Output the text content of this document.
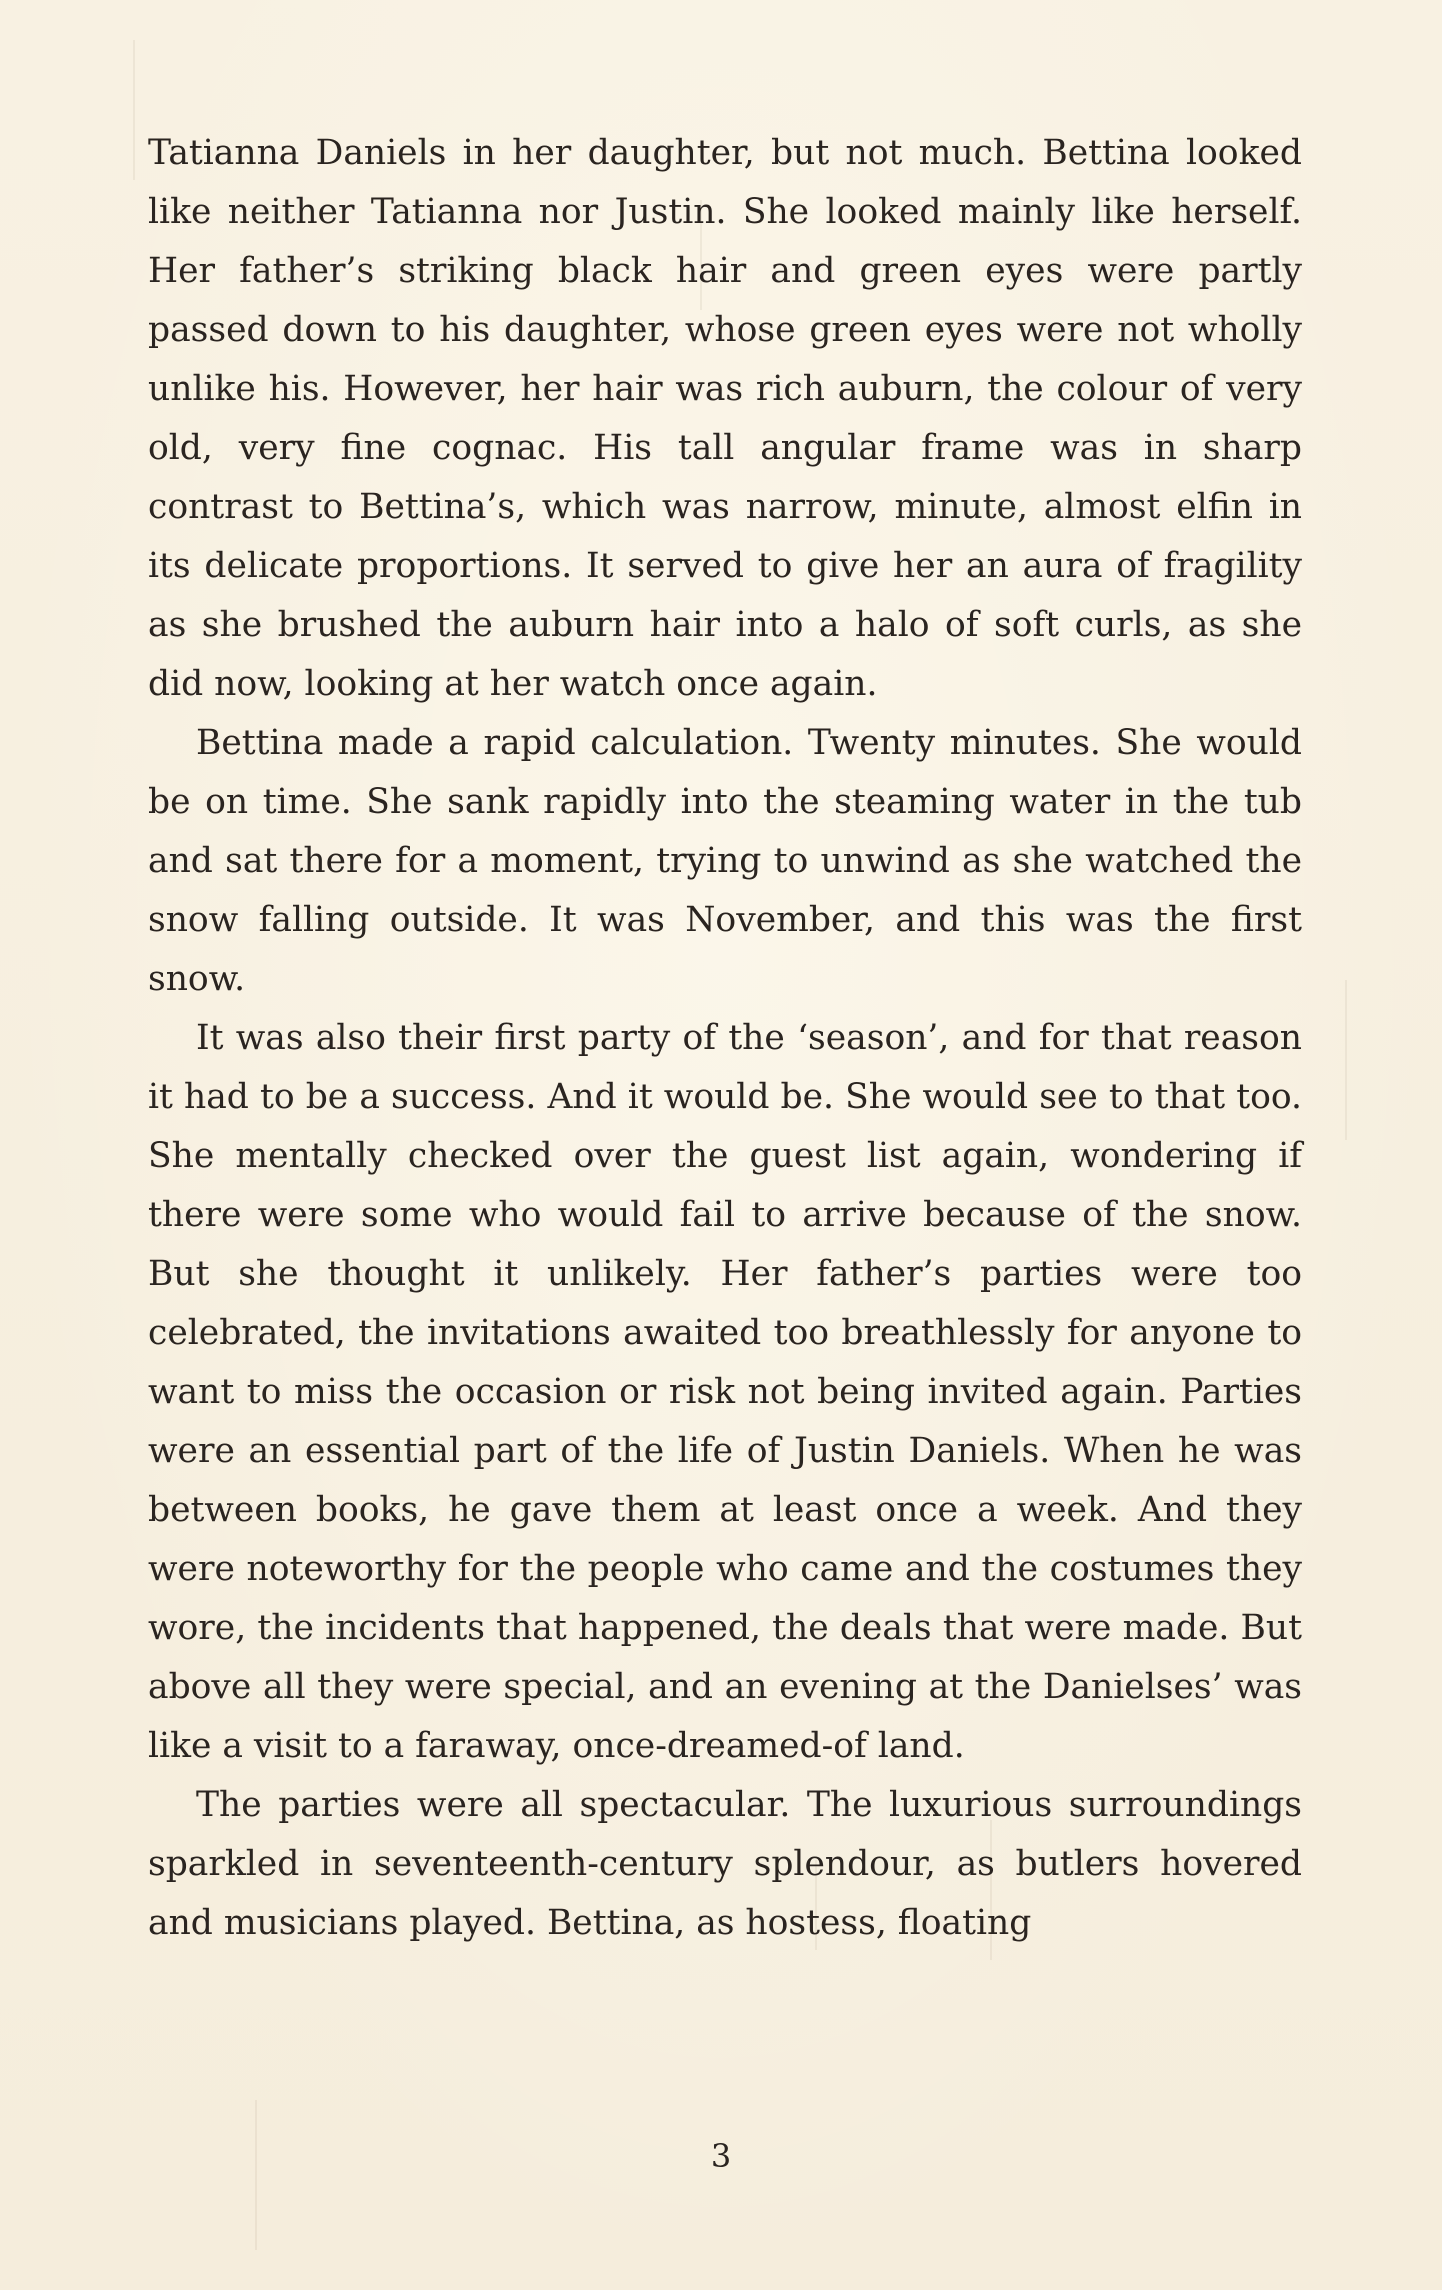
Tatianna Daniels in her daughter, but not much. Bettina looked like neither Tatianna nor Justin. She looked mainly like herself. Her father’s striking black hair and green eyes were partly passed down to his daughter, whose green eyes were not wholly unlike his. However, her hair was rich auburn, the colour of very old, very fine cognac. His tall angular frame was in sharp contrast to Bettina’s, which was narrow, minute, almost elfin in its delicate proportions. It served to give her an aura of fragility as she brushed the auburn hair into a halo of soft curls, as she did now, looking at her watch once again.

Bettina made a rapid calculation. Twenty minutes. She would be on time. She sank rapidly into the steaming water in the tub and sat there for a moment, trying to unwind as she watched the snow falling outside. It was November, and this was the first snow.

It was also their first party of the ‘season’, and for that reason it had to be a success. And it would be. She would see to that too. She mentally checked over the guest list again, wondering if there were some who would fail to arrive because of the snow. But she thought it unlikely. Her father’s parties were too celebrated, the invitations awaited too breathlessly for anyone to want to miss the occasion or risk not being invited again. Parties were an essential part of the life of Justin Daniels. When he was between books, he gave them at least once a week. And they were noteworthy for the people who came and the costumes they wore, the incidents that happened, the deals that were made. But above all they were special, and an evening at the Danielses’ was like a visit to a faraway, once-dreamed-of land.

The parties were all spectacular. The luxurious surroundings sparkled in seventeenth-century splendour, as butlers hovered and musicians played. Bettina, as hostess, floating

3
